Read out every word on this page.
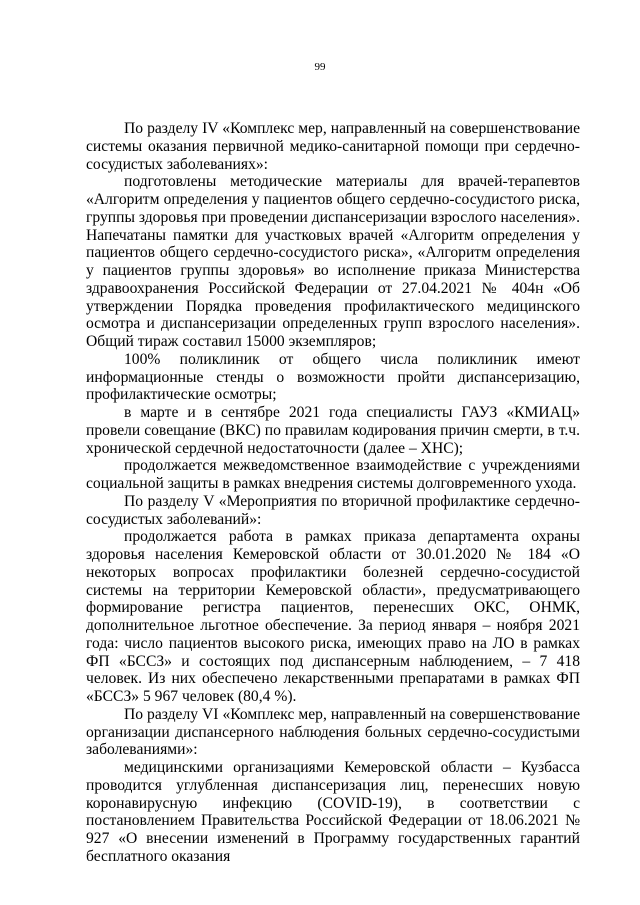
99

По разделу IV «Комплекс мер, направленный на совершенствование системы оказания первичной медико-санитарной помощи при сердечно-сосудистых заболеваниях»:

подготовлены методические материалы для врачей-терапевтов «Алгоритм определения у пациентов общего сердечно-сосудистого риска, группы здоровья при проведении диспансеризации взрослого населения». Напечатаны памятки для участковых врачей «Алгоритм определения у пациентов общего сердечно-сосудистого риска», «Алгоритм определения у пациентов группы здоровья» во исполнение приказа Министерства здравоохранения Российской Федерации от 27.04.2021 № 404н «Об утверждении Порядка проведения профилактического медицинского осмотра и диспансеризации определенных групп взрослого населения». Общий тираж составил 15000 экземпляров;

100% поликлиник от общего числа поликлиник имеют информационные стенды о возможности пройти диспансеризацию, профилактические осмотры;

в марте и в сентябре 2021 года специалисты ГАУЗ «КМИАЦ» провели совещание (ВКС) по правилам кодирования причин смерти, в т.ч. хронической сердечной недостаточности (далее – ХНС);

продолжается межведомственное взаимодействие с учреждениями социальной защиты в рамках внедрения системы долговременного ухода.

По разделу V «Мероприятия по вторичной профилактике сердечно-сосудистых заболеваний»:

продолжается работа в рамках приказа департамента охраны здоровья населения Кемеровской области от 30.01.2020 № 184 «О некоторых вопросах профилактики болезней сердечно-сосудистой системы на территории Кемеровской области», предусматривающего формирование регистра пациентов, перенесших ОКС, ОНМК, дополнительное льготное обеспечение. За период января – ноября 2021 года: число пациентов высокого риска, имеющих право на ЛО в рамках ФП «БССЗ» и состоящих под диспансерным наблюдением, – 7 418 человек. Из них обеспечено лекарственными препаратами в рамках ФП «БССЗ» 5 967 человек (80,4 %).

По разделу VI «Комплекс мер, направленный на совершенствование организации диспансерного наблюдения больных сердечно-сосудистыми заболеваниями»:

медицинскими организациями Кемеровской области – Кузбасса проводится углубленная диспансеризация лиц, перенесших новую коронавирусную инфекцию (COVID-19), в соответствии с постановлением Правительства Российской Федерации от 18.06.2021 № 927 «О внесении изменений в Программу государственных гарантий бесплатного оказания
